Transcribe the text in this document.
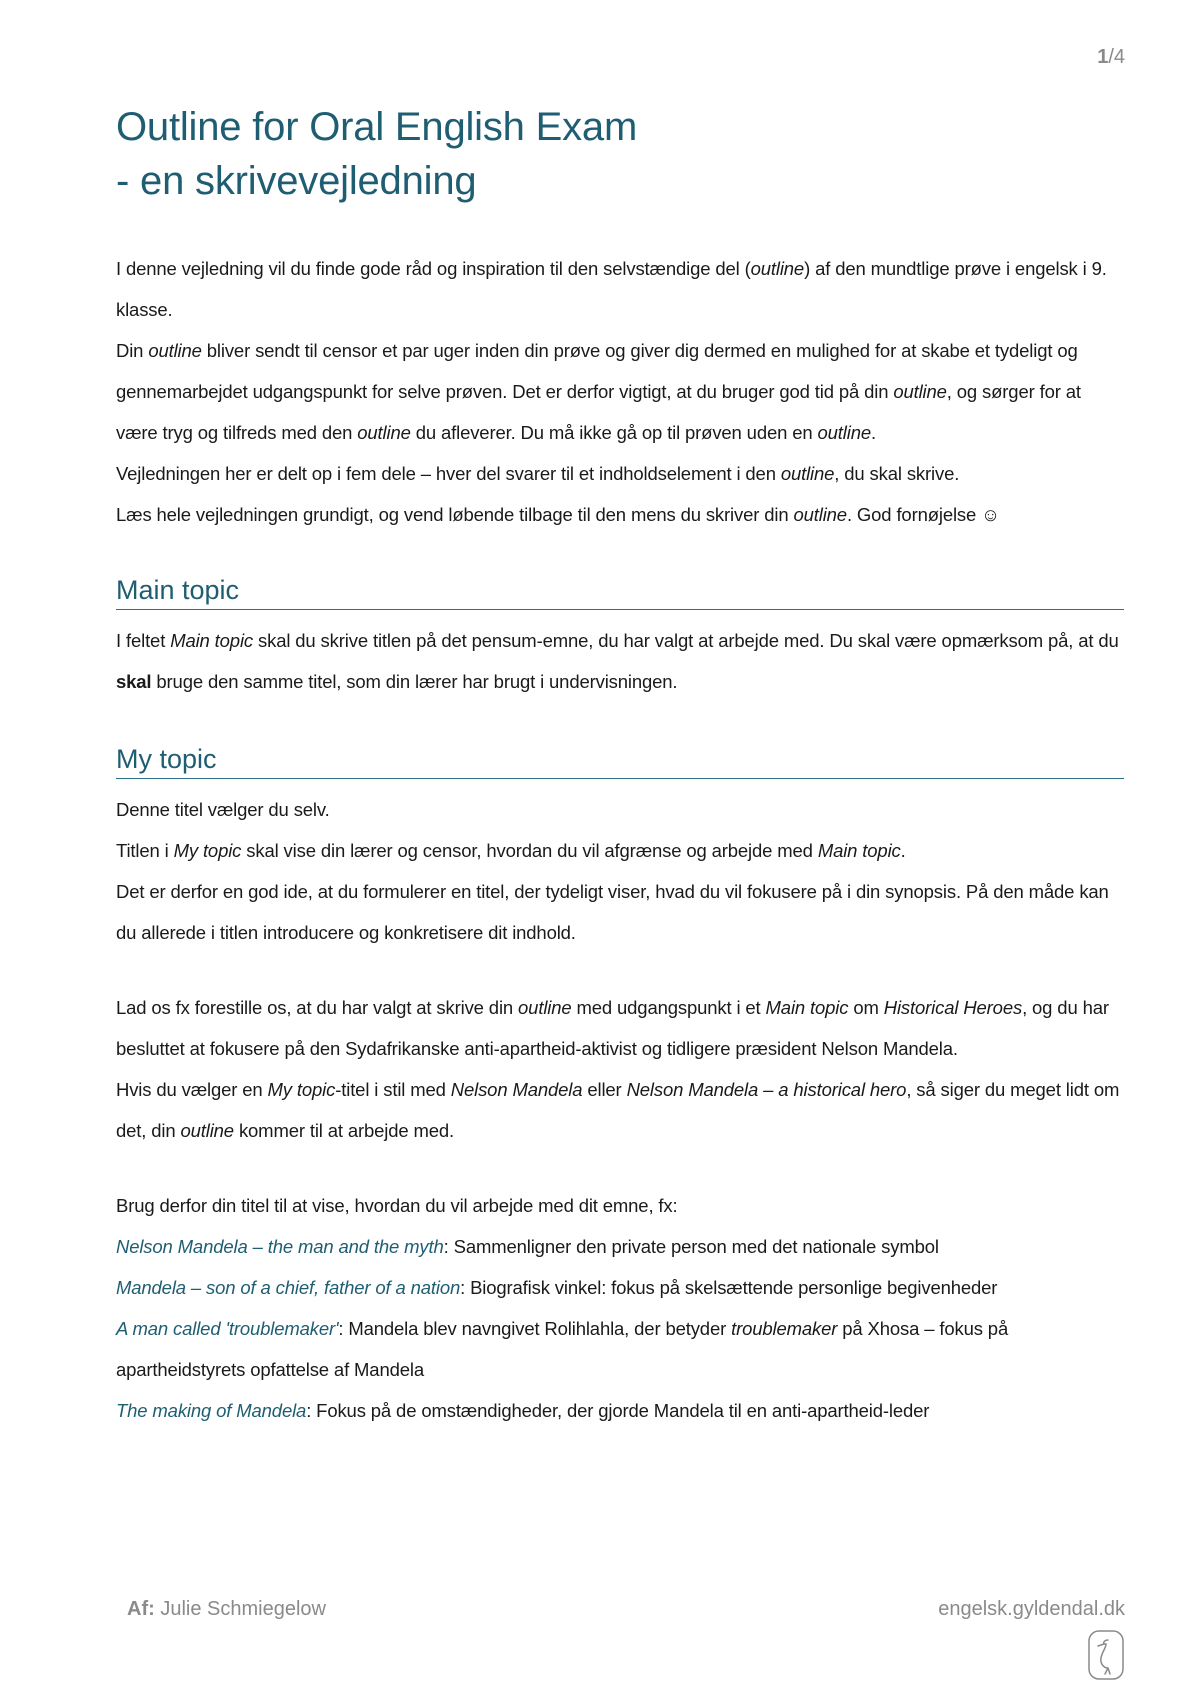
1/4
Outline for Oral English Exam
- en skrivevejledning

I denne vejledning vil du finde gode råd og inspiration til den selvstændige del (outline) af den mundtlige prøve i engelsk i 9. klasse.

Din outline bliver sendt til censor et par uger inden din prøve og giver dig dermed en mulighed for at skabe et tydeligt og gennemarbejdet udgangspunkt for selve prøven. Det er derfor vigtigt, at du bruger god tid på din outline, og sørger for at være tryg og tilfreds med den outline du afleverer. Du må ikke gå op til prøven uden en outline.

Vejledningen her er delt op i fem dele – hver del svarer til et indholdselement i den outline, du skal skrive.

Læs hele vejledningen grundigt, og vend løbende tilbage til den mens du skriver din outline. God fornøjelse ☺

Main topic

I feltet Main topic skal du skrive titlen på det pensum-emne, du har valgt at arbejde med. Du skal være opmærksom på, at du skal bruge den samme titel, som din lærer har brugt i undervisningen.

My topic

Denne titel vælger du selv.

Titlen i My topic skal vise din lærer og censor, hvordan du vil afgrænse og arbejde med Main topic.

Det er derfor en god ide, at du formulerer en titel, der tydeligt viser, hvad du vil fokusere på i din synopsis. På den måde kan du allerede i titlen introducere og konkretisere dit indhold.

Lad os fx forestille os, at du har valgt at skrive din outline med udgangspunkt i et Main topic om Historical Heroes, og du har besluttet at fokusere på den Sydafrikanske anti-apartheid-aktivist og tidligere præsident Nelson Mandela.

Hvis du vælger en My topic-titel i stil med Nelson Mandela eller Nelson Mandela – a historical hero, så siger du meget lidt om det, din outline kommer til at arbejde med.

Brug derfor din titel til at vise, hvordan du vil arbejde med dit emne, fx:

Nelson Mandela – the man and the myth: Sammenligner den private person med det nationale symbol

Mandela – son of a chief, father of a nation: Biografisk vinkel: fokus på skelsættende personlige begivenheder

A man called 'troublemaker': Mandela blev navngivet Rolihlahla, der betyder troublemaker på Xhosa – fokus på apartheidstyrets opfattelse af Mandela

The making of Mandela: Fokus på de omstændigheder, der gjorde Mandela til en anti-apartheid-leder

Af: Julie Schmiegelow	engelsk.gyldendal.dk
